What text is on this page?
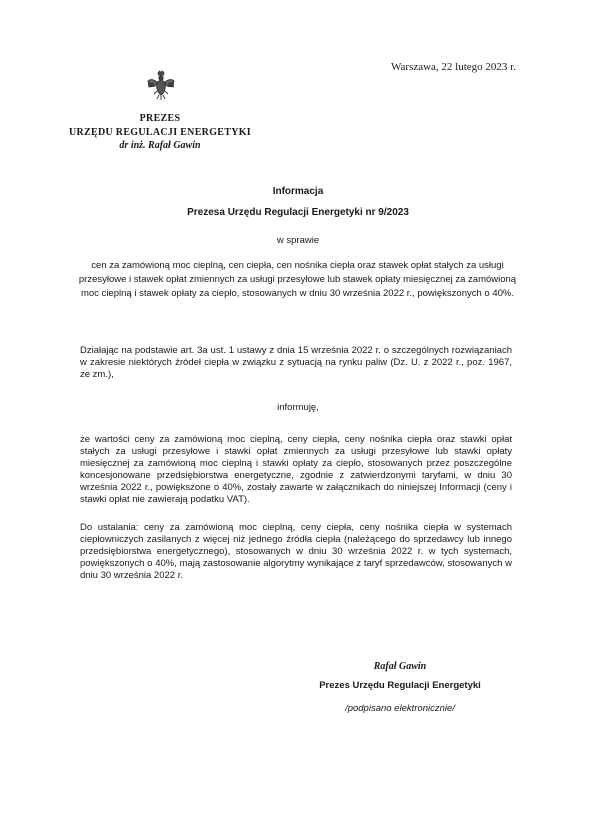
Warszawa, 22 lutego 2023 r.
PREZES
URZĘDU REGULACJI ENERGETYKI
dr inż. Rafał Gawin
Informacja
Prezesa Urzędu Regulacji Energetyki nr 9/2023
w sprawie
cen za zamówioną moc cieplną, cen ciepła, cen nośnika ciepła oraz stawek opłat stałych za usługi przesyłowe i stawek opłat zmiennych za usługi przesyłowe lub stawek opłaty miesięcznej za zamówioną moc cieplną i stawek opłaty za ciepło, stosowanych w dniu 30 września 2022 r., powiększonych o 40%.
Działając na podstawie art. 3a ust. 1 ustawy z dnia 15 września 2022 r. o szczególnych rozwiązaniach w zakresie niektórych źródeł ciepła w związku z sytuacją na rynku paliw (Dz. U. z 2022 r., poz. 1967, ze zm.),
informuję,
że wartości ceny za zamówioną moc cieplną, ceny ciepła, ceny nośnika ciepła oraz stawki opłat stałych za usługi przesyłowe i stawki opłat zmiennych za usługi przesyłowe lub stawki opłaty miesięcznej za zamówioną moc cieplną i stawki opłaty za ciepło, stosowanych przez poszczególne koncesjonowane przedsiębiorstwa energetyczne, zgodnie z zatwierdzonymi taryfami, w dniu 30 września 2022 r., powiększone o 40%, zostały zawarte w załącznikach do niniejszej Informacji (ceny i stawki opłat nie zawierają podatku VAT).
Do ustalania: ceny za zamówioną moc cieplną, ceny ciepła, ceny nośnika ciepła w systemach ciepłowniczych zasilanych z więcej niż jednego źródła ciepła (należącego do sprzedawcy lub innego przedsiębiorstwa energetycznego), stosowanych w dniu 30 września 2022 r. w tych systemach, powiększonych o 40%, mają zastosowanie algorytmy wynikające z taryf sprzedawców, stosowanych w dniu 30 września 2022 r.
Rafał Gawin
Prezes Urzędu Regulacji Energetyki
/podpisano elektronicznie/
